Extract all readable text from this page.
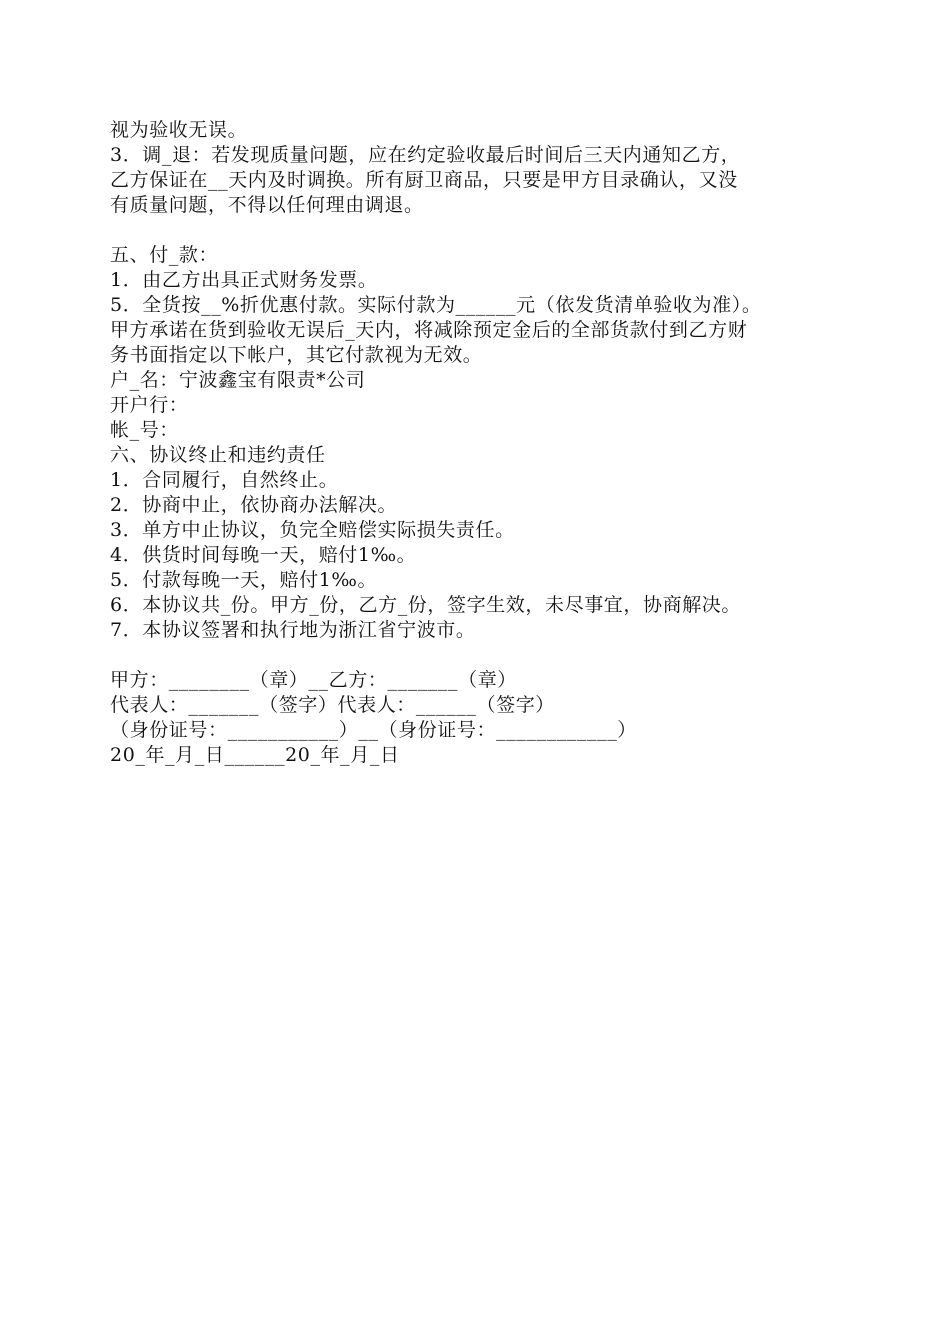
视为验收无误。
3．调_退：若发现质量问题，应在约定验收最后时间后三天内通知乙方，
乙方保证在__天内及时调换。所有厨卫商品，只要是甲方目录确认，又没
有质量问题，不得以任何理由调退。
五、付_款：
1．由乙方出具正式财务发票。
5．全货按__%折优惠付款。实际付款为______元（依发货清单验收为准）。
甲方承诺在货到验收无误后_天内，将减除预定金后的全部货款付到乙方财
务书面指定以下帐户，其它付款视为无效。
户_名：宁波鑫宝有限责*公司
开户行：
帐_号：
六、协议终止和违约责任
1．合同履行，自然终止。
2．协商中止，依协商办法解决。
3．单方中止协议，负完全赔偿实际损失责任。
4．供货时间每晚一天，赔付1‰。
5．付款每晚一天，赔付1‰。
6．本协议共_份。甲方_份，乙方_份，签字生效，未尽事宜，协商解决。
7．本协议签署和执行地为浙江省宁波市。
甲方：________（章）__乙方：_______（章）
代表人：_______（签字）代表人：______（签字）
（身份证号：___________）__（身份证号：____________）
20_年_月_日______20_年_月_日
